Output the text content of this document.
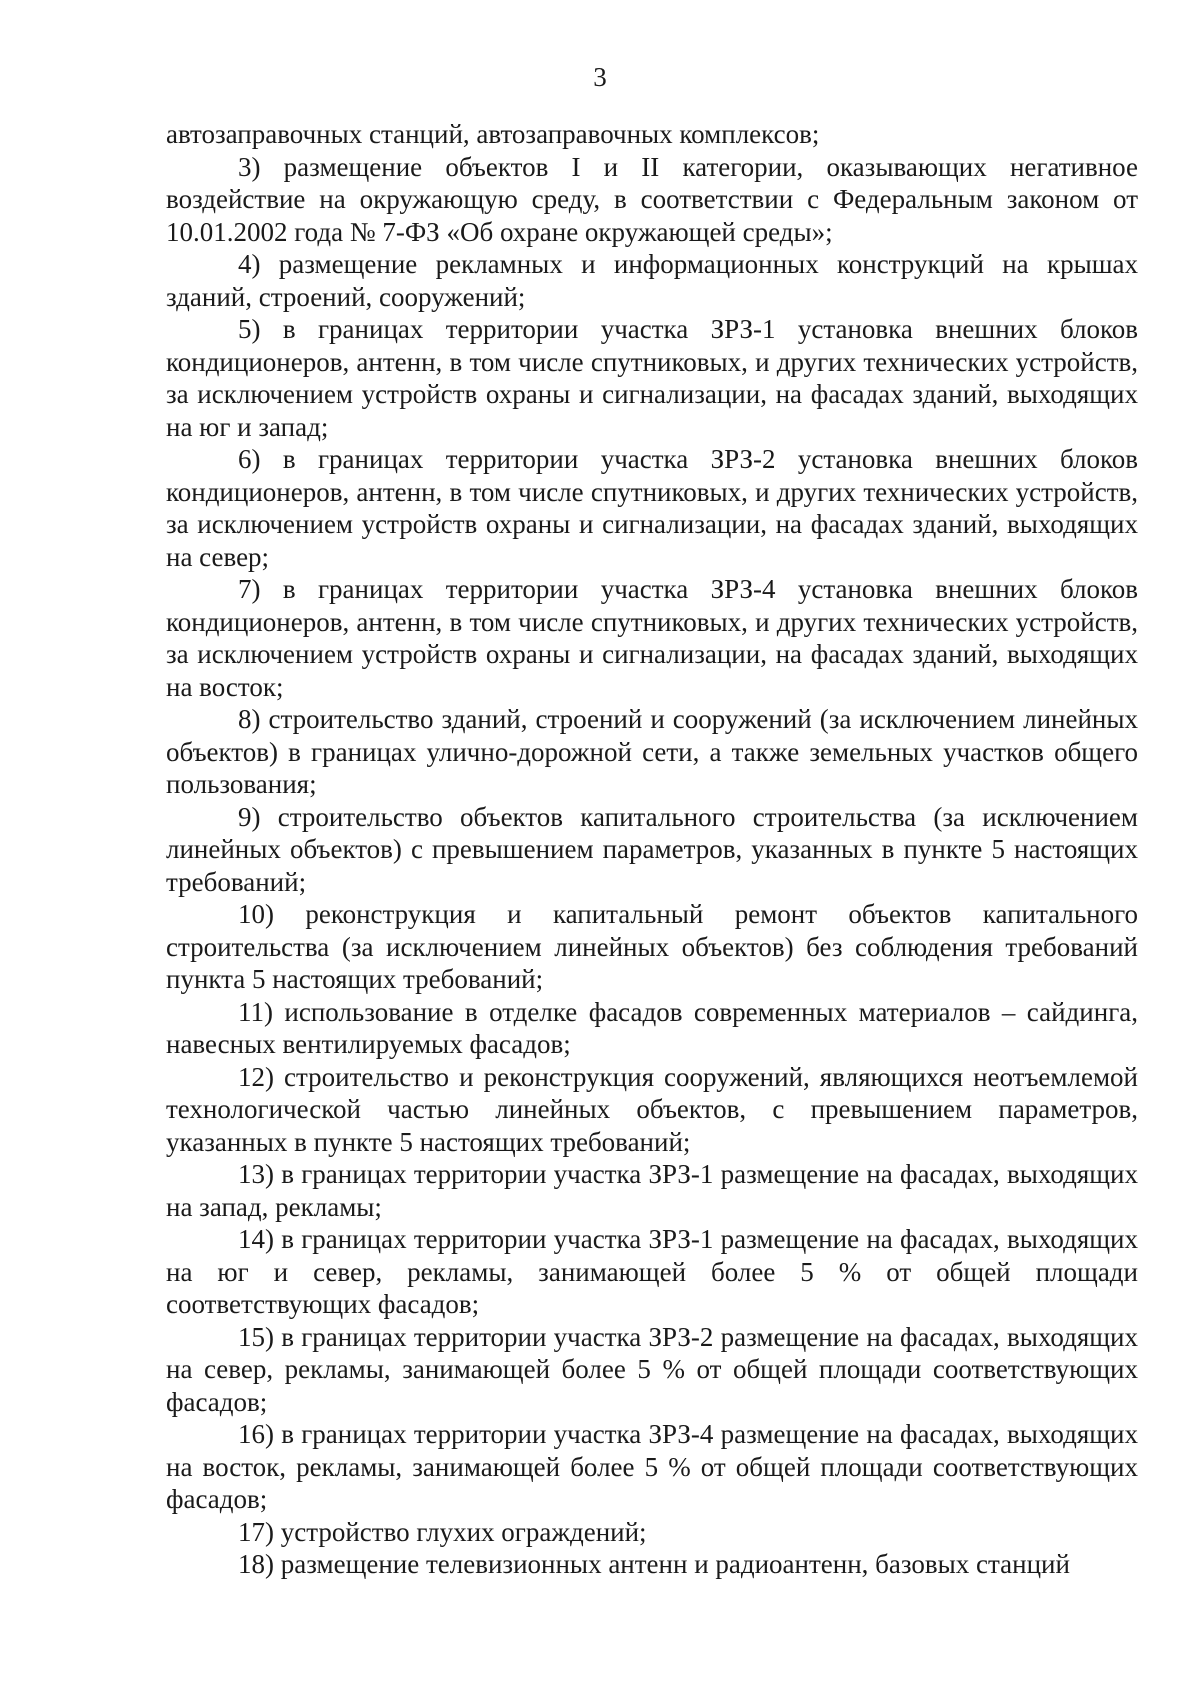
3

автозаправочных станций, автозаправочных комплексов;

3) размещение объектов I и II категории, оказывающих негативное воздействие на окружающую среду, в соответствии с Федеральным законом от 10.01.2002 года № 7-ФЗ «Об охране окружающей среды»;

4) размещение рекламных и информационных конструкций на крышах зданий, строений, сооружений;

5) в границах территории участка ЗРЗ-1 установка внешних блоков кондиционеров, антенн, в том числе спутниковых, и других технических устройств, за исключением устройств охраны и сигнализации, на фасадах зданий, выходящих на юг и запад;

6) в границах территории участка ЗРЗ-2 установка внешних блоков кондиционеров, антенн, в том числе спутниковых, и других технических устройств, за исключением устройств охраны и сигнализации, на фасадах зданий, выходящих на север;

7) в границах территории участка ЗРЗ-4 установка внешних блоков кондиционеров, антенн, в том числе спутниковых, и других технических устройств, за исключением устройств охраны и сигнализации, на фасадах зданий, выходящих на восток;

8) строительство зданий, строений и сооружений (за исключением линейных объектов) в границах улично-дорожной сети, а также земельных участков общего пользования;

9) строительство объектов капитального строительства (за исключением линейных объектов) с превышением параметров, указанных в пункте 5 настоящих требований;

10) реконструкция и капитальный ремонт объектов капитального строительства (за исключением линейных объектов) без соблюдения требований пункта 5 настоящих требований;

11) использование в отделке фасадов современных материалов – сайдинга, навесных вентилируемых фасадов;

12) строительство и реконструкция сооружений, являющихся неотъемлемой технологической частью линейных объектов, с превышением параметров, указанных в пункте 5 настоящих требований;

13) в границах территории участка ЗРЗ-1 размещение на фасадах, выходящих на запад, рекламы;

14) в границах территории участка ЗРЗ-1 размещение на фасадах, выходящих на юг и север, рекламы, занимающей более 5 % от общей площади соответствующих фасадов;

15) в границах территории участка ЗРЗ-2 размещение на фасадах, выходящих на север, рекламы, занимающей более 5 % от общей площади соответствующих фасадов;

16) в границах территории участка ЗРЗ-4 размещение на фасадах, выходящих на восток, рекламы, занимающей более 5 % от общей площади соответствующих фасадов;

17) устройство глухих ограждений;

18) размещение телевизионных антенн и радиоантенн, базовых станций
